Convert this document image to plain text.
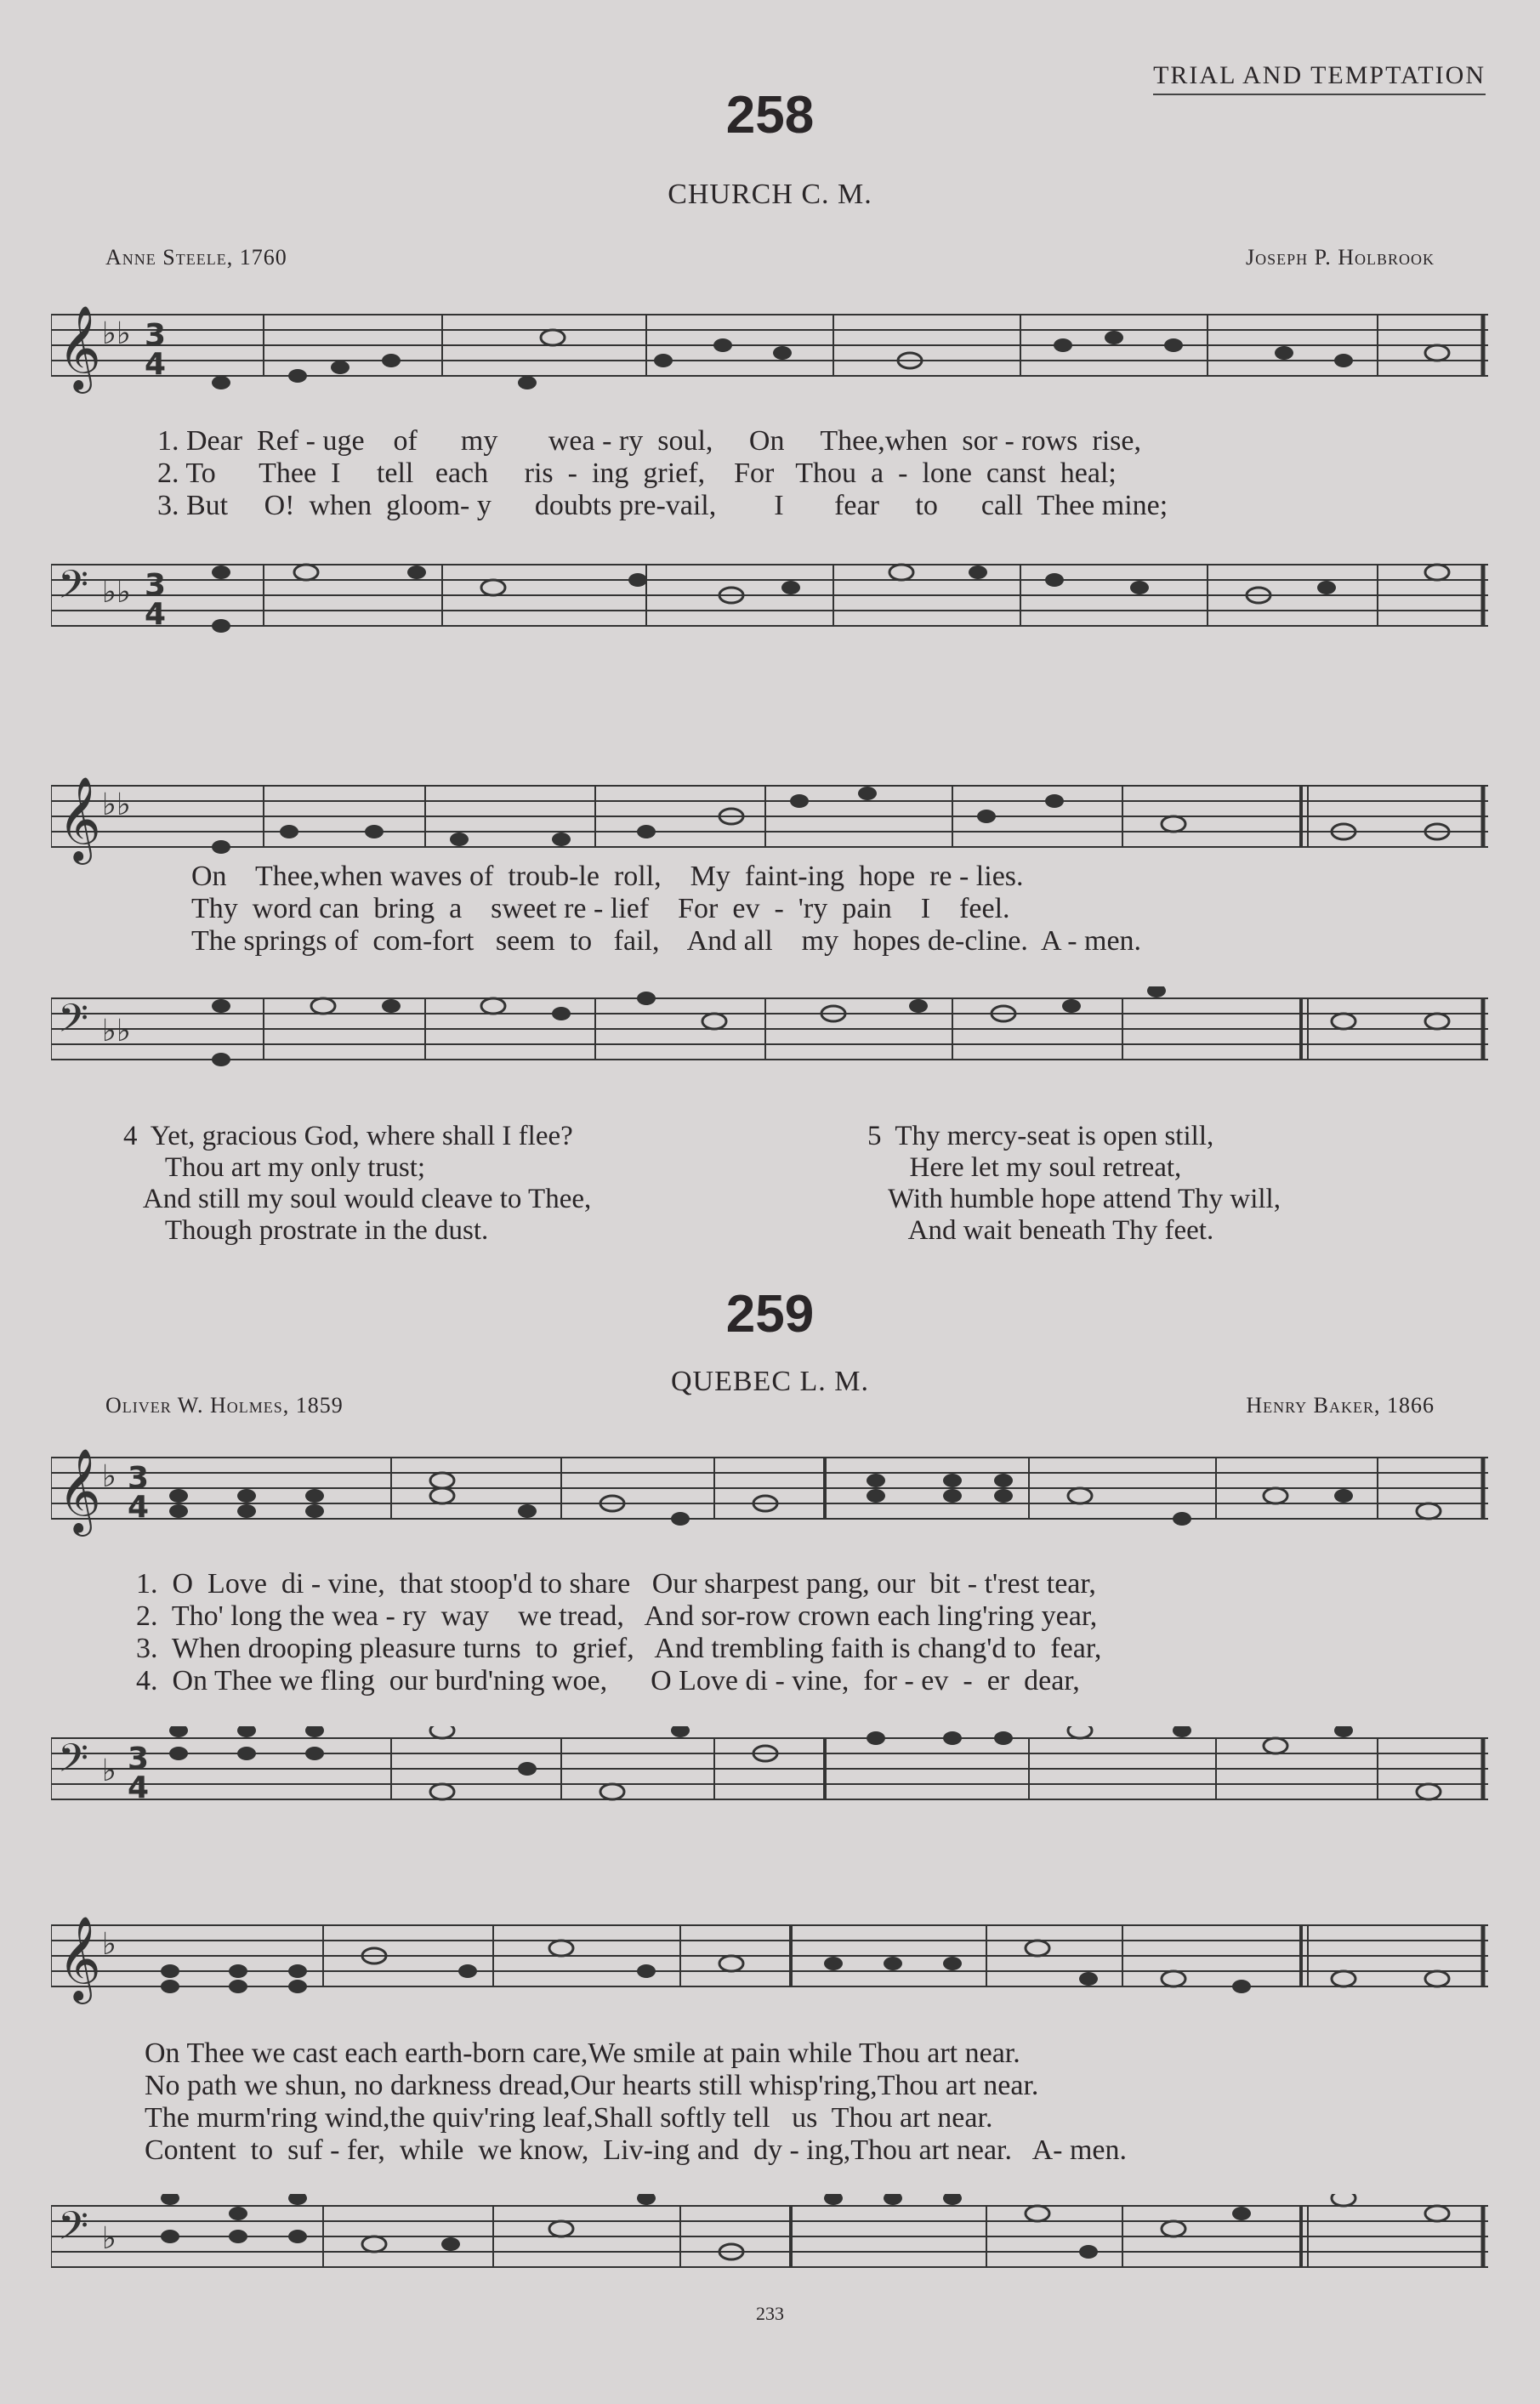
TRIAL AND TEMPTATION
258
CHURCH C. M.
Anne Steele, 1760	Joseph P. Holbrook
𝄞 ♭♭ 3
4
1. Dear  Ref - uge    of      my       wea - ry  soul,     On     Thee,when  sor - rows  rise,
2. To      Thee  I     tell   each     ris  -  ing  grief,    For   Thou  a  -  lone  canst  heal;
3. But     O!  when  gloom- y      doubts pre-vail,        I       fear     to      call  Thee mine;
𝄢 ♭♭ 3
4
𝄞 ♭♭
On    Thee,when waves of  troub-le  roll,    My  faint-ing  hope  re - lies.
Thy  word can  bring  a    sweet re - lief    For  ev  -  'ry  pain    I    feel.
The springs of  com-fort   seem  to   fail,    And all    my  hopes de-cline.  A - men.
𝄢 ♭♭
4  Yet, gracious God, where shall I flee?
Thou art my only trust;
And still my soul would cleave to Thee,
Though prostrate in the dust.
5  Thy mercy-seat is open still,
Here let my soul retreat,
With humble hope attend Thy will,
And wait beneath Thy feet.
259
QUEBEC L. M.
Oliver W. Holmes, 1859	Henry Baker, 1866
𝄞 ♭ 3
4
1.  O  Love  di - vine,  that stoop'd to share   Our sharpest pang, our  bit - t'rest tear,
2.  Tho' long the wea - ry  way    we tread,   And sor-row crown each ling'ring year,
3.  When drooping pleasure turns  to  grief,   And trembling faith is chang'd to  fear,
4.  On Thee we fling  our burd'ning woe,      O Love di - vine,  for - ev  -  er  dear,
𝄢 ♭ 3
4
𝄞 ♭
On Thee we cast each earth-born care,We smile at pain while Thou art near.
No path we shun, no darkness dread,Our hearts still whisp'ring,Thou art near.
The murm'ring wind,the quiv'ring leaf,Shall softly tell   us  Thou art near.
Content  to  suf - fer,  while  we know,  Liv-ing and  dy - ing,Thou art near.   A- men.
𝄢 ♭
233
